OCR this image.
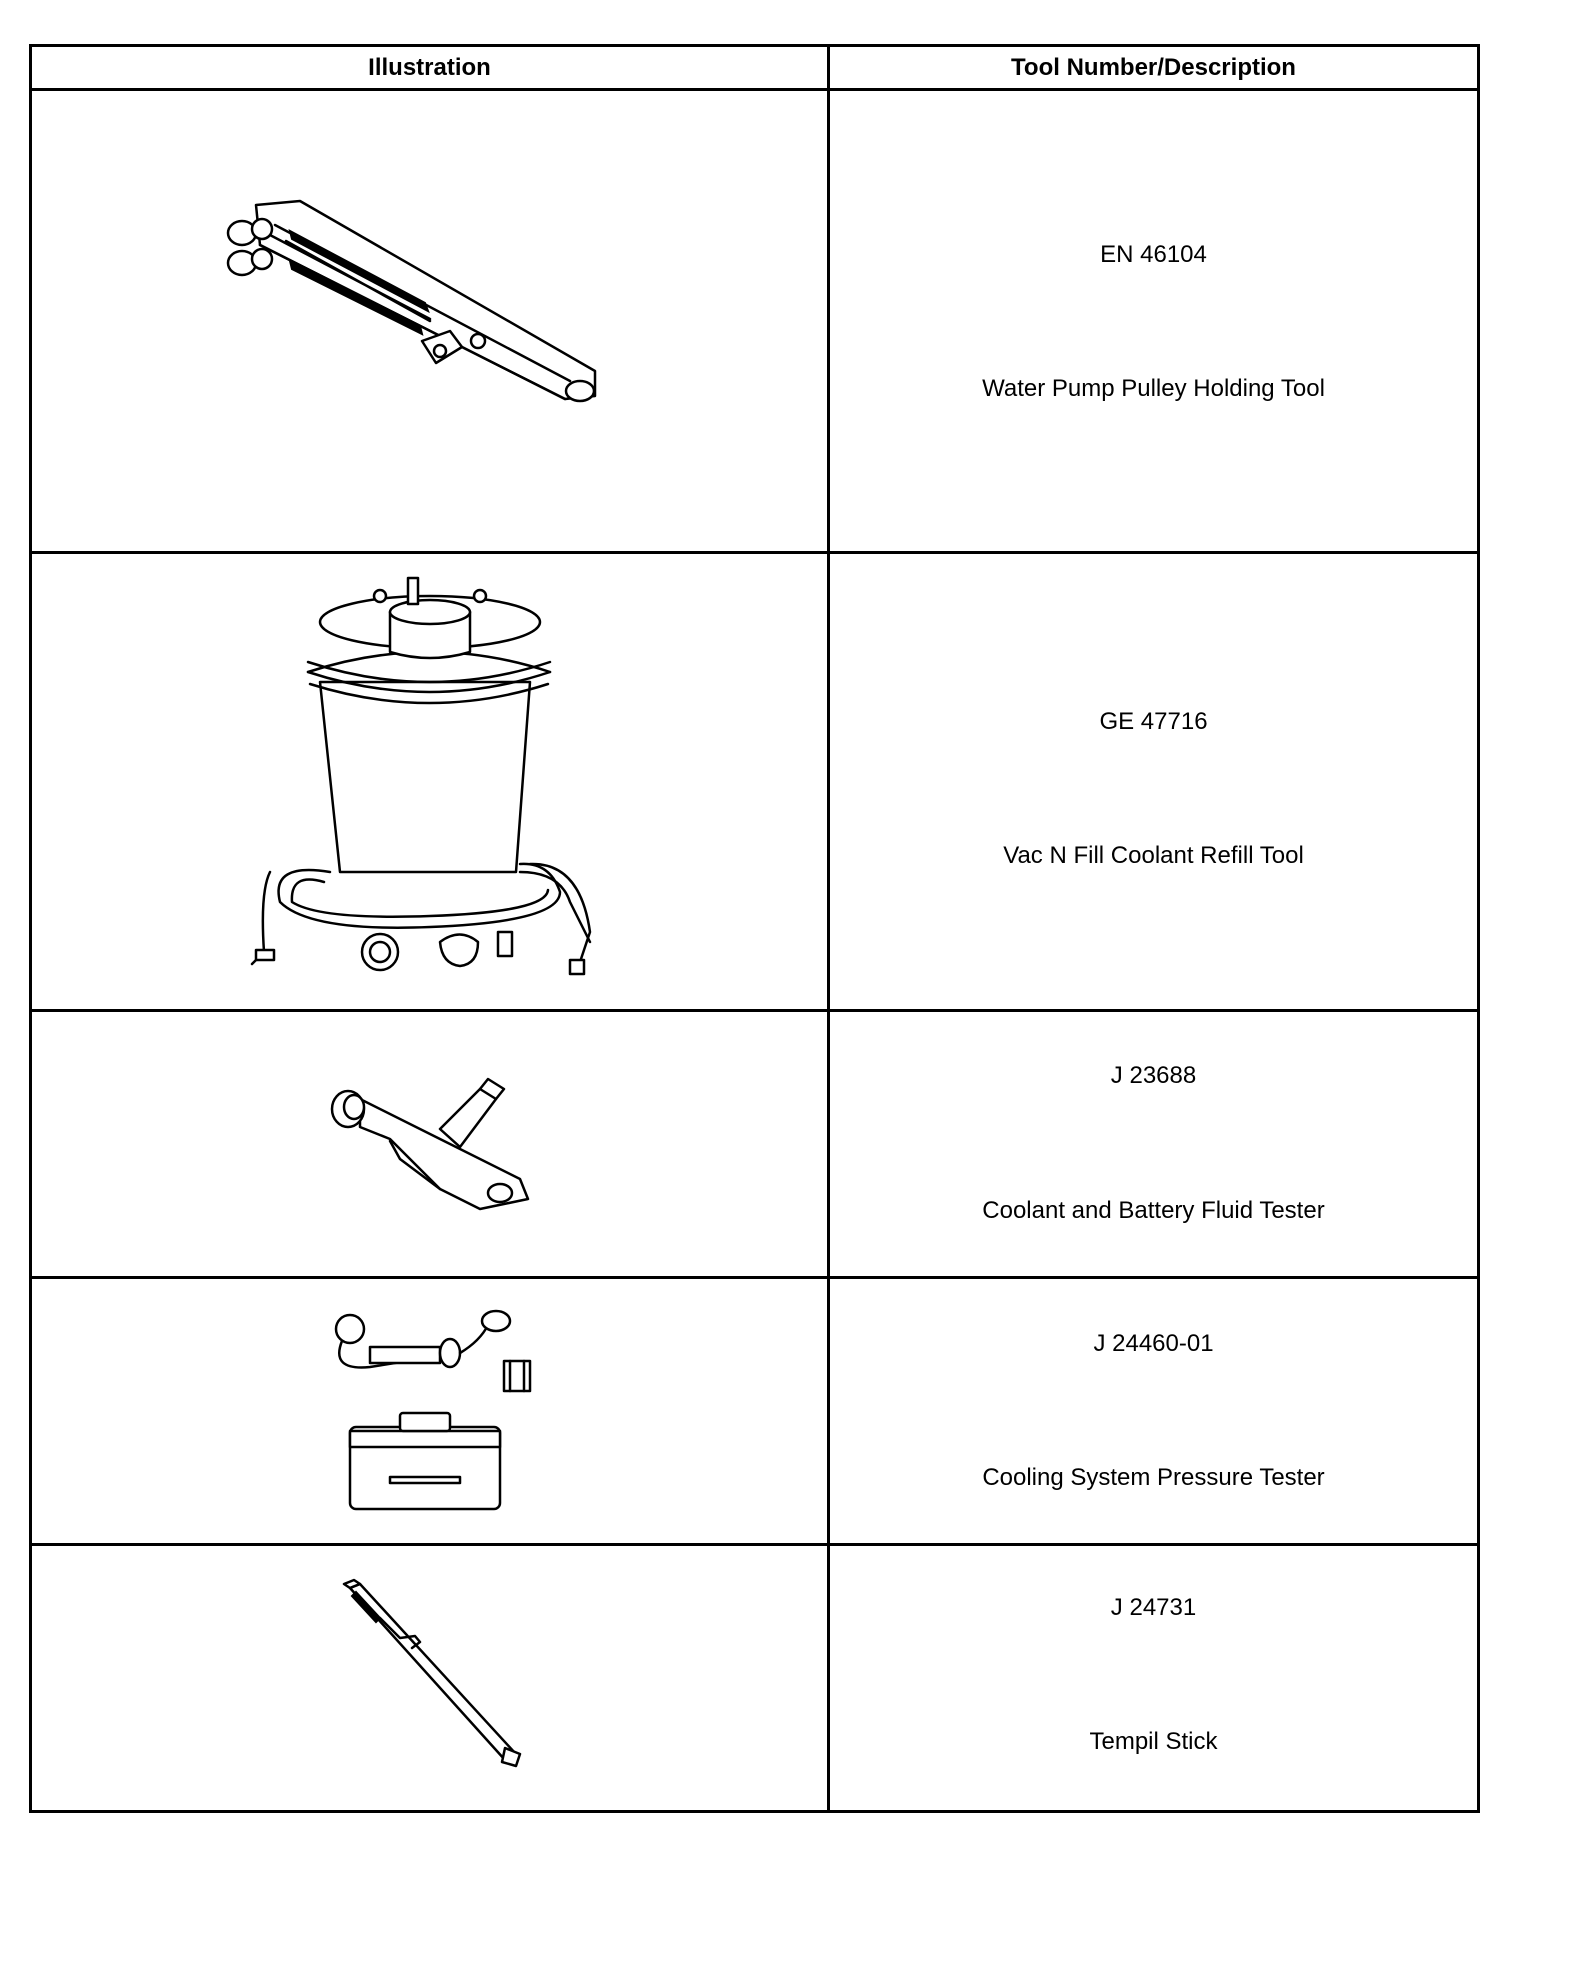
Illustration	Tool Number/Description

EN 46104
Water Pump Pulley Holding Tool

GE 47716
Vac N Fill Coolant Refill Tool

J 23688
Coolant and Battery Fluid Tester

J 24460-01
Cooling System Pressure Tester

J 24731
Tempil Stick
